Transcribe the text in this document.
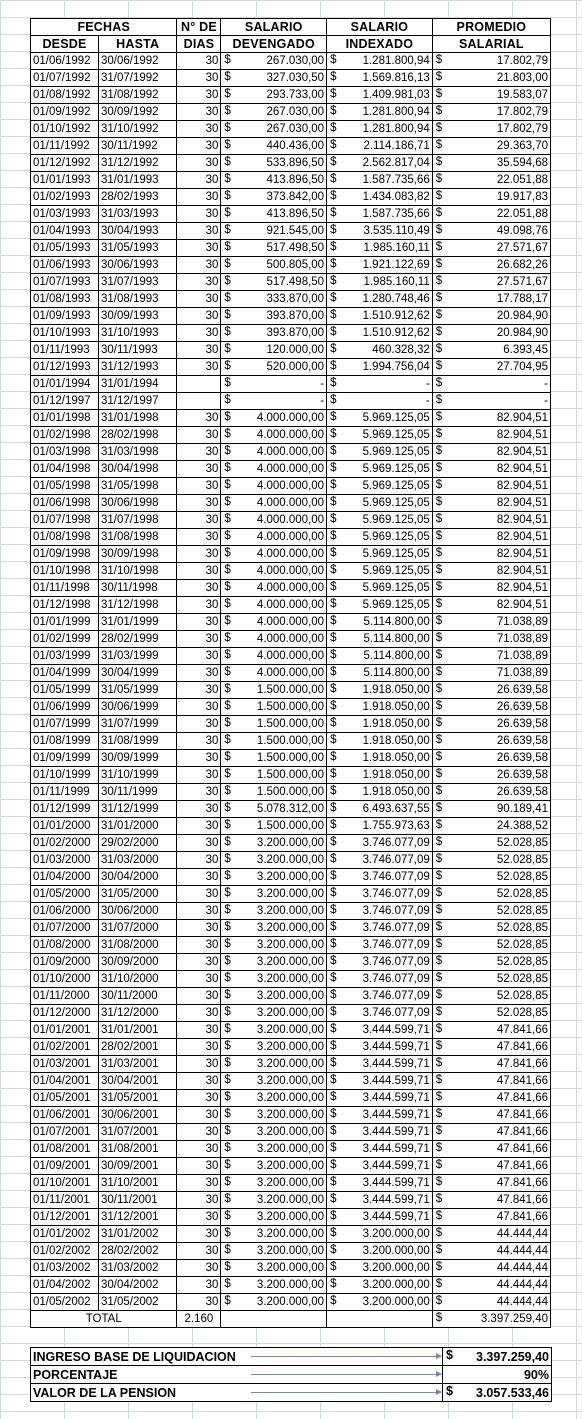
FECHAS		N° DE	SALARIO	SALARIO	PROMEDIO
DESDE	HASTA	DIAS	DEVENGADO	INDEXADO	SALARIAL
01/06/1992	30/06/1992	30	$ 267.030,00	$ 1.281.800,94	$ 17.802,79
01/07/1992	31/07/1992	30	$ 327.030,50	$ 1.569.816,13	$ 21.803,00
01/08/1992	31/08/1992	30	$ 293.733,00	$ 1.409.981,03	$ 19.583,07
01/09/1992	30/09/1992	30	$ 267.030,00	$ 1.281.800,94	$ 17.802,79
01/10/1992	31/10/1992	30	$ 267.030,00	$ 1.281.800,94	$ 17.802,79
01/11/1992	30/11/1992	30	$ 440.436,00	$ 2.114.186,71	$ 29.363,70
01/12/1992	31/12/1992	30	$ 533.896,50	$ 2.562.817,04	$ 35.594,68
01/01/1993	31/01/1993	30	$ 413.896,50	$ 1.587.735,66	$ 22.051,88
01/02/1993	28/02/1993	30	$ 373.842,00	$ 1.434.083,82	$ 19.917,83
01/03/1993	31/03/1993	30	$ 413.896,50	$ 1.587.735,66	$ 22.051,88
01/04/1993	30/04/1993	30	$ 921.545,00	$ 3.535.110,49	$ 49.098,76
01/05/1993	31/05/1993	30	$ 517.498,50	$ 1.985.160,11	$ 27.571,67
01/06/1993	30/06/1993	30	$ 500.805,00	$ 1.921.122,69	$ 26.682,26
01/07/1993	31/07/1993	30	$ 517.498,50	$ 1.985.160,11	$ 27.571,67
01/08/1993	31/08/1993	30	$ 333.870,00	$ 1.280.748,46	$ 17.788,17
01/09/1993	30/09/1993	30	$ 393.870,00	$ 1.510.912,62	$ 20.984,90
01/10/1993	31/10/1993	30	$ 393.870,00	$ 1.510.912,62	$ 20.984,90
01/11/1993	30/11/1993	30	$ 120.000,00	$ 460.328,32	$ 6.393,45
01/12/1993	31/12/1993	30	$ 520.000,00	$ 1.994.756,04	$ 27.704,95
01/01/1994	31/01/1994		$ -	$ -	$ -
01/12/1997	31/12/1997		$ -	$ -	$ -
01/01/1998	31/01/1998	30	$ 4.000.000,00	$ 5.969.125,05	$ 82.904,51
01/02/1998	28/02/1998	30	$ 4.000.000,00	$ 5.969.125,05	$ 82.904,51
01/03/1998	31/03/1998	30	$ 4.000.000,00	$ 5.969.125,05	$ 82.904,51
01/04/1998	30/04/1998	30	$ 4.000.000,00	$ 5.969.125,05	$ 82.904,51
01/05/1998	31/05/1998	30	$ 4.000.000,00	$ 5.969.125,05	$ 82.904,51
01/06/1998	30/06/1998	30	$ 4.000.000,00	$ 5.969.125,05	$ 82.904,51
01/07/1998	31/07/1998	30	$ 4.000.000,00	$ 5.969.125,05	$ 82.904,51
01/08/1998	31/08/1998	30	$ 4.000.000,00	$ 5.969.125,05	$ 82.904,51
01/09/1998	30/09/1998	30	$ 4.000.000,00	$ 5.969.125,05	$ 82.904,51
01/10/1998	31/10/1998	30	$ 4.000.000,00	$ 5.969.125,05	$ 82.904,51
01/11/1998	30/11/1998	30	$ 4.000.000,00	$ 5.969.125,05	$ 82.904,51
01/12/1998	31/12/1998	30	$ 4.000.000,00	$ 5.969.125,05	$ 82.904,51
01/01/1999	31/01/1999	30	$ 4.000.000,00	$ 5.114.800,00	$ 71.038,89
01/02/1999	28/02/1999	30	$ 4.000.000,00	$ 5.114.800,00	$ 71.038,89
01/03/1999	31/03/1999	30	$ 4.000.000,00	$ 5.114.800,00	$ 71.038,89
01/04/1999	30/04/1999	30	$ 4.000.000,00	$ 5.114.800,00	$ 71.038,89
01/05/1999	31/05/1999	30	$ 1.500.000,00	$ 1.918.050,00	$ 26.639,58
01/06/1999	30/06/1999	30	$ 1.500.000,00	$ 1.918.050,00	$ 26.639,58
01/07/1999	31/07/1999	30	$ 1.500.000,00	$ 1.918.050,00	$ 26.639,58
01/08/1999	31/08/1999	30	$ 1.500.000,00	$ 1.918.050,00	$ 26.639,58
01/09/1999	30/09/1999	30	$ 1.500.000,00	$ 1.918.050,00	$ 26.639,58
01/10/1999	31/10/1999	30	$ 1.500.000,00	$ 1.918.050,00	$ 26.639,58
01/11/1999	30/11/1999	30	$ 1.500.000,00	$ 1.918.050,00	$ 26.639,58
01/12/1999	31/12/1999	30	$ 5.078.312,00	$ 6.493.637,55	$ 90.189,41
01/01/2000	31/01/2000	30	$ 1.500.000,00	$ 1.755.973,63	$ 24.388,52
01/02/2000	29/02/2000	30	$ 3.200.000,00	$ 3.746.077,09	$ 52.028,85
01/03/2000	31/03/2000	30	$ 3.200.000,00	$ 3.746.077,09	$ 52.028,85
01/04/2000	30/04/2000	30	$ 3.200.000,00	$ 3.746.077,09	$ 52.028,85
01/05/2000	31/05/2000	30	$ 3.200.000,00	$ 3.746.077,09	$ 52.028,85
01/06/2000	30/06/2000	30	$ 3.200.000,00	$ 3.746.077,09	$ 52.028,85
01/07/2000	31/07/2000	30	$ 3.200.000,00	$ 3.746.077,09	$ 52.028,85
01/08/2000	31/08/2000	30	$ 3.200.000,00	$ 3.746.077,09	$ 52.028,85
01/09/2000	30/09/2000	30	$ 3.200.000,00	$ 3.746.077,09	$ 52.028,85
01/10/2000	31/10/2000	30	$ 3.200.000,00	$ 3.746.077,09	$ 52.028,85
01/11/2000	30/11/2000	30	$ 3.200.000,00	$ 3.746.077,09	$ 52.028,85
01/12/2000	31/12/2000	30	$ 3.200.000,00	$ 3.746.077,09	$ 52.028,85
01/01/2001	31/01/2001	30	$ 3.200.000,00	$ 3.444.599,71	$ 47.841,66
01/02/2001	28/02/2001	30	$ 3.200.000,00	$ 3.444.599,71	$ 47.841,66
01/03/2001	31/03/2001	30	$ 3.200.000,00	$ 3.444.599,71	$ 47.841,66
01/04/2001	30/04/2001	30	$ 3.200.000,00	$ 3.444.599,71	$ 47.841,66
01/05/2001	31/05/2001	30	$ 3.200.000,00	$ 3.444.599,71	$ 47.841,66
01/06/2001	30/06/2001	30	$ 3.200.000,00	$ 3.444.599,71	$ 47.841,66
01/07/2001	31/07/2001	30	$ 3.200.000,00	$ 3.444.599,71	$ 47.841,66
01/08/2001	31/08/2001	30	$ 3.200.000,00	$ 3.444.599,71	$ 47.841,66
01/09/2001	30/09/2001	30	$ 3.200.000,00	$ 3.444.599,71	$ 47.841,66
01/10/2001	31/10/2001	30	$ 3.200.000,00	$ 3.444.599,71	$ 47.841,66
01/11/2001	30/11/2001	30	$ 3.200.000,00	$ 3.444.599,71	$ 47.841,66
01/12/2001	31/12/2001	30	$ 3.200.000,00	$ 3.444.599,71	$ 47.841,66
01/01/2002	31/01/2002	30	$ 3.200.000,00	$ 3.200.000,00	$ 44.444,44
01/02/2002	28/02/2002	30	$ 3.200.000,00	$ 3.200.000,00	$ 44.444,44
01/03/2002	31/03/2002	30	$ 3.200.000,00	$ 3.200.000,00	$ 44.444,44
01/04/2002	30/04/2002	30	$ 3.200.000,00	$ 3.200.000,00	$ 44.444,44
01/05/2002	31/05/2002	30	$ 3.200.000,00	$ 3.200.000,00	$ 44.444,44
TOTAL		2.160			$ 3.397.259,40
INGRESO BASE DE LIQUIDACION	$ 3.397.259,40
PORCENTAJE	90%
VALOR DE LA PENSION	$ 3.057.533,46
